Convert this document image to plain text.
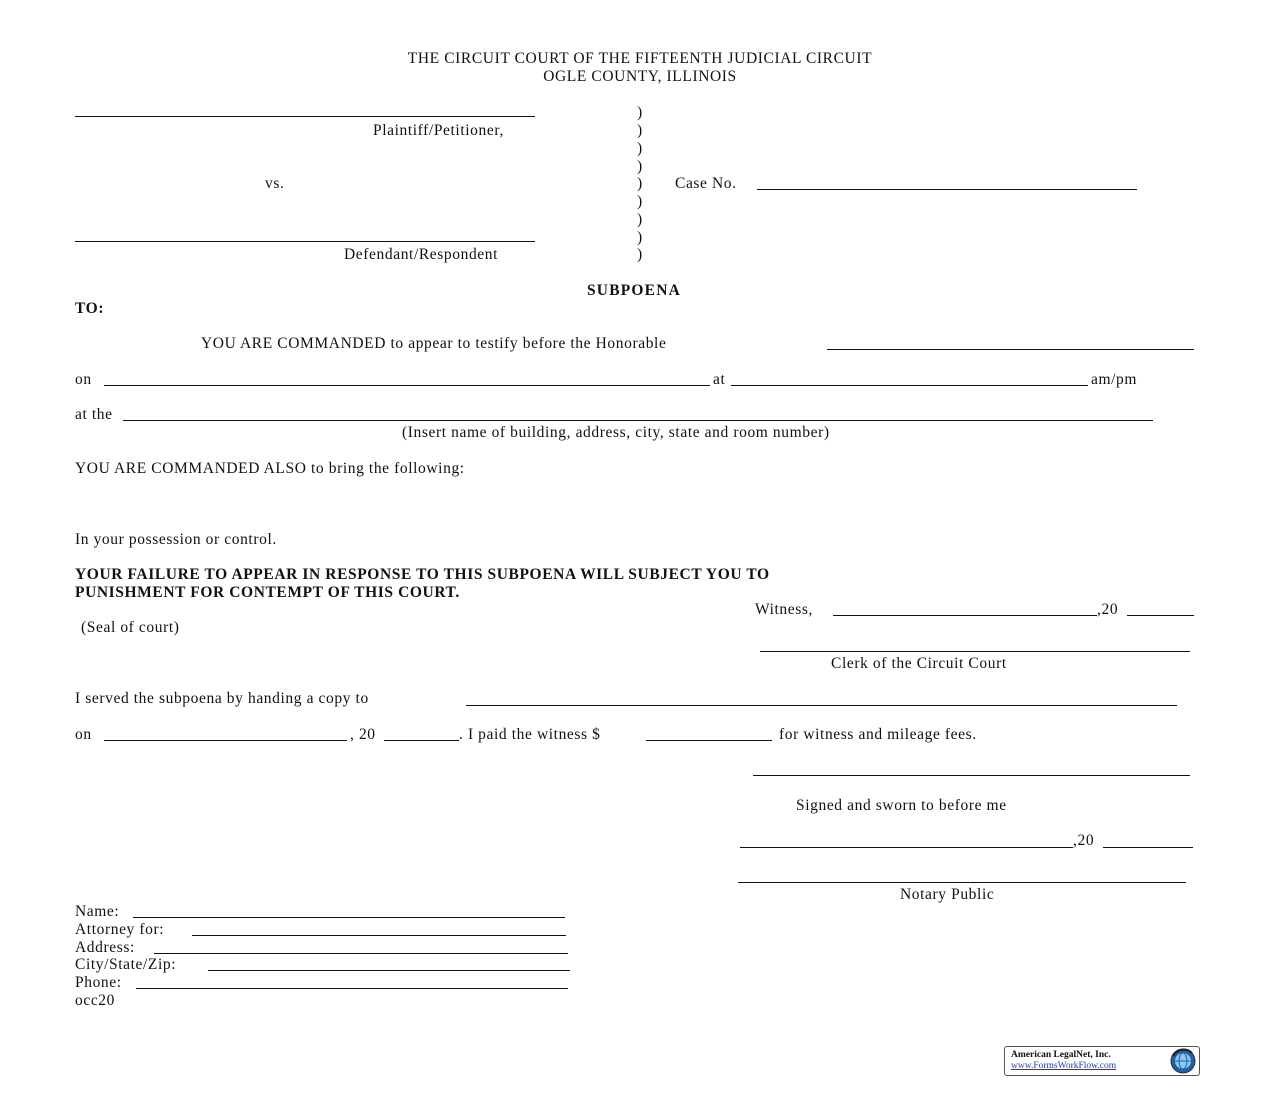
THE CIRCUIT COURT OF THE FIFTEENTH JUDICIAL CIRCUIT
OGLE COUNTY, ILLINOIS
Plaintiff/Petitioner,
vs.
Defendant/Respondent
)
)
)
)
)
)
)
)
)
Case No.
SUBPOENA
TO:
YOU ARE COMMANDED to appear to testify before the Honorable
on	at	am/pm
at the
(Insert name of building, address, city, state and room number)
YOU ARE COMMANDED ALSO to bring the following:
In your possession or control.
YOUR FAILURE TO APPEAR IN RESPONSE TO THIS SUBPOENA WILL SUBJECT YOU TO
PUNISHMENT FOR CONTEMPT OF THIS COURT.
Witness,	,20
(Seal of court)
Clerk of the Circuit Court
I served the subpoena by handing a copy to
on	, 20	. I paid the witness $	for witness and mileage fees.
Signed and sworn to before me
,20
Notary Public
Name:
Attorney for:
Address:
City/State/Zip:
Phone:
occ20
American LegalNet, Inc.
www.FormsWorkFlow.com
